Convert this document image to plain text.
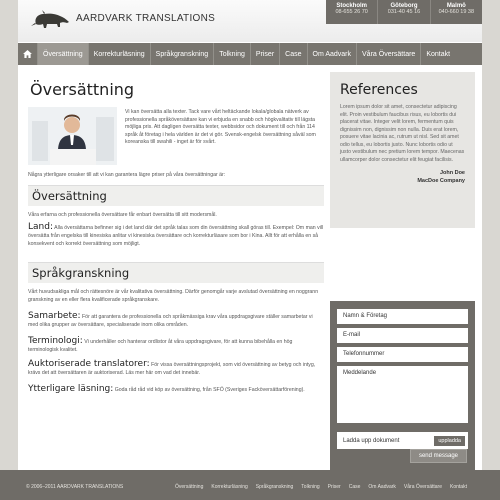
AARDVARK TRANSLATIONS
Stockholm
08-655 26 70
Göteborg
031-40 45 16
Malmö
040-660 19 38
Översättning	Korrekturläsning	Språkgranskning	Tolkning	Priser	Case	Om Aadvark	Våra Översättare	Kontakt
Översättning
Vi kan översätta alla texter. Tack vare vårt heltäckande lokala/globala nätverk av professionella språköversättare kan vi erbjuda en snabb och högkvalitativ till lägsta möjliga pris. Att dagligen översätta texter, webbsidor och dokument till och från 114 språk åt företag i hela världen är det vi gör. Svensk-engelsk översättning såväl som koreanska till swahili - inget är för svårt.

Några ytterligare orsaker till att vi kan garantera lägre priser på våra översättningar är:

Översättning

Våra erfarna och professionella översättare får enbart översätta till sitt modersmål.

Land: Alla översättarna befinner sig i det land där det språk talas som din översättning skall göras till. Exempel: Om man vill översätta från engelska till kinesiska anlitar vi kinesiska översättare och korrekturläsare som bor i Kina. Allt för att erhålla en så konsekvent och korrekt översättning som möjligt.

Språkgranskning

Vårt huvudsakliga mål och rättesnöre är vår kvalitativa översättning. Därför genomgår varje avslutad översättning en noggrann granskning av en eller flera kvalificerade språkgranskare.

Samarbete: För att garantera de professionella och språkmässiga krav våra uppdragsgivare ställer samarbetar vi med olika grupper av översättare, specialiserade inom olika områden.

Terminologi: Vi underhåller och hanterar ordlistor åt våra uppdragsgivare, för att kunna bibehålla en hög terminologisk kvalitet.

Auktoriserade translatorer: För vissa översättningsprojekt, som vid översättning av betyg och intyg, krävs det att översättaren är auktoriserad. Läs mer här om vad det innebär.

Ytterligare läsning: Goda råd råd vid köp av översättning, från SFÖ (Sveriges Facköversättarförening).

References

Lorem ipsum dolor sit amet, consectetur adipiscing elit. Proin vestibulum faucibus risus, eu lobortis dui placerat vitae. Integer velit lorem, fermentum quis dignissim non, dignissim non nulla. Duis erat lorem, posuere vitae lacinia ac, rutrum ut nisl. Sed sit amet odio tellus, eu lobortis justo. Nunc lobortis odio ut justo vestibulum nec pretium lorem tempor. Maecenas ullamcorper dolor consectetur elit feugiat facilisis.

John Doe
MacDoe Company
Namn & Företag
E-mail
Telefonnummer
Meddelande
Ladda upp dokument	uppladda
send message
© 2006–2011 AARDVARK TRANSLATIONS	Översättning Korrekturläsning Språkgranskning Tolkning Priser Case Om Aadvark Våra Översättare Kontakt
